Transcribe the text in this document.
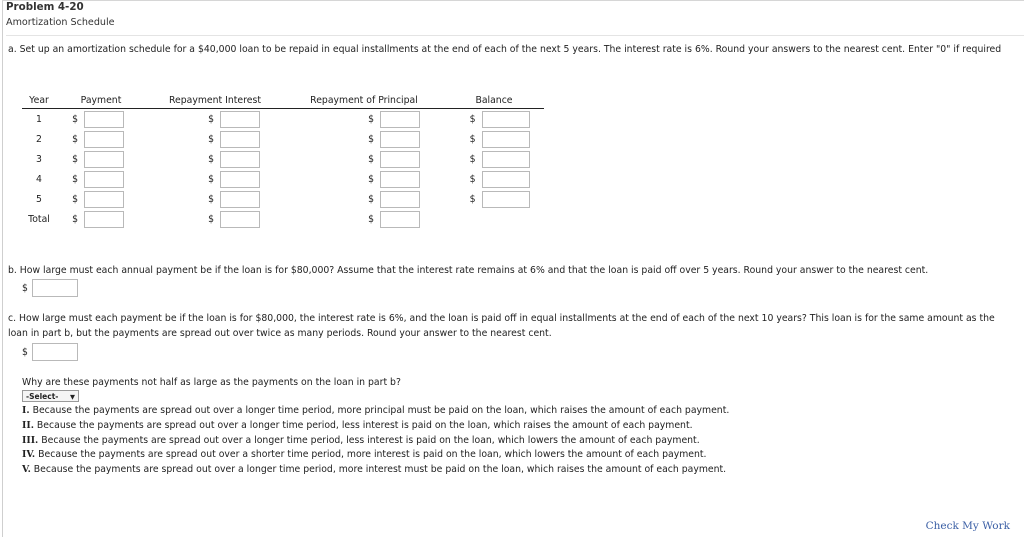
Problem 4-20
Amortization Schedule
a. Set up an amortization schedule for a $40,000 loan to be repaid in equal installments at the end of each of the next 5 years. The interest rate is 6%. Round your answers to the nearest cent. Enter "0" if required
Year	Payment		Repayment Interest		Repayment of Principal		Balance	
1	$		$		$		$	
2	$		$		$		$	
3	$		$		$		$	
4	$		$		$		$	
5	$		$		$		$	
Total	$		$		$			
b. How large must each annual payment be if the loan is for $80,000? Assume that the interest rate remains at 6% and that the loan is paid off over 5 years. Round your answer to the nearest cent.
$
c. How large must each payment be if the loan is for $80,000, the interest rate is 6%, and the loan is paid off in equal installments at the end of each of the next 10 years? This loan is for the same amount as the loan in part b, but the payments are spread out over twice as many periods. Round your answer to the nearest cent.
$
Why are these payments not half as large as the payments on the loan in part b?
-Select- ▼
I. Because the payments are spread out over a longer time period, more principal must be paid on the loan, which raises the amount of each payment.
II. Because the payments are spread out over a longer time period, less interest is paid on the loan, which raises the amount of each payment.
III. Because the payments are spread out over a longer time period, less interest is paid on the loan, which lowers the amount of each payment.
IV. Because the payments are spread out over a shorter time period, more interest is paid on the loan, which lowers the amount of each payment.
V. Because the payments are spread out over a longer time period, more interest must be paid on the loan, which raises the amount of each payment.
Check My Work
